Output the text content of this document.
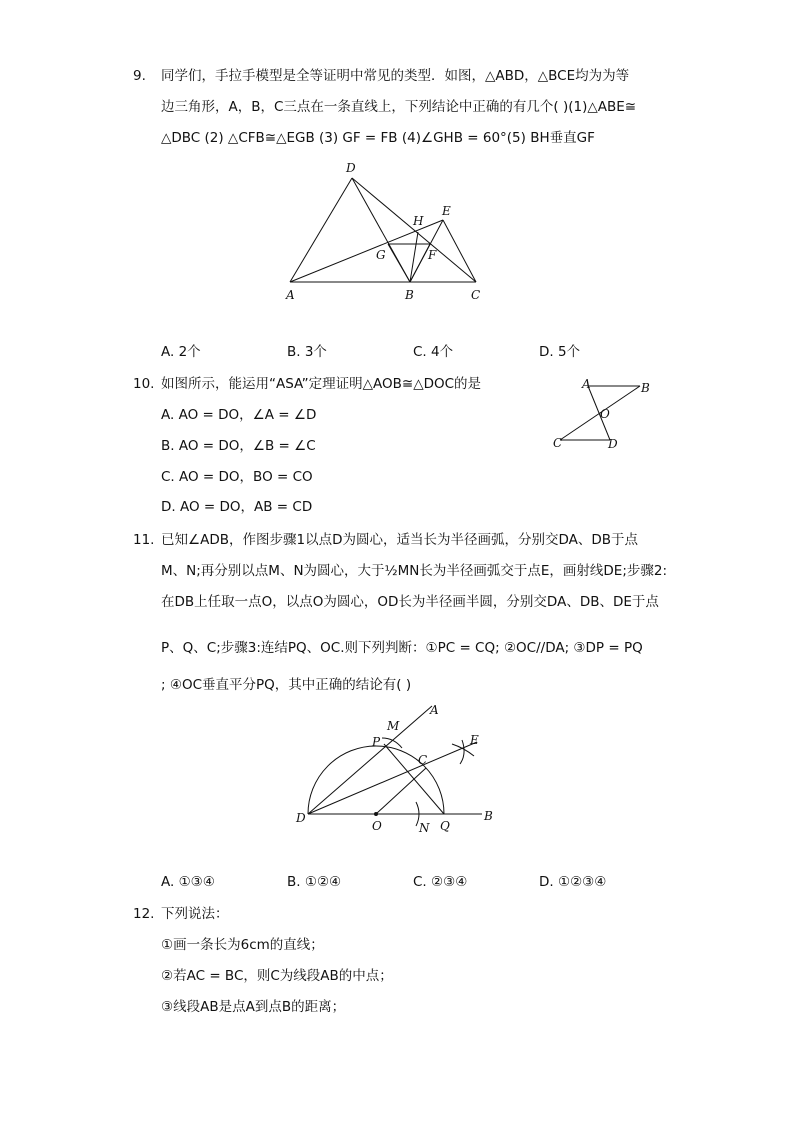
9. 同学们，手拉手模型是全等证明中常见的类型．如图，△ABD，△BCE均为为等
边三角形，A，B，C三点在一条直线上，下列结论中正确的有几个( )(1)△ABE≅
△DBC (2) △CFB≅△EGB (3) GF = FB (4)∠GHB = 60°(5) BH垂直GF
D
E
H
G	F
A	B	C
A. 2个	B. 3个	C. 4个	D. 5个
10. 如图所示，能运用“ASA”定理证明△AOB≅△DOC的是	A	B
O
C	D
A. AO = DO，∠A = ∠D
B. AO = DO，∠B = ∠C
C. AO = DO，BO = CO
D. AO = DO，AB = CD
11. 已知∠ADB，作图步骤1以点D为圆心，适当长为半径画弧，分别交DA、DB于点
M、N;再分别以点M、N为圆心，大于½MN长为半径画弧交于点E，画射线DE;步骤2:
在DB上任取一点O，以点O为圆心，OD长为半径画半圆，分别交DA、DB、DE于点
P、Q、C;步骤3:连结PQ、OC.则下列判断：①PC = CQ; ②OC//DA; ③DP = PQ
; ④OC垂直平分PQ，其中正确的结论有( )
M
A
P	E
C
D
O	N Q
B
A. ①③④	B. ①②④	C. ②③④	D. ①②③④
12. 下列说法：
①画一条长为6cm的直线；
②若AC = BC，则C为线段AB的中点；
③线段AB是点A到点B的距离；
